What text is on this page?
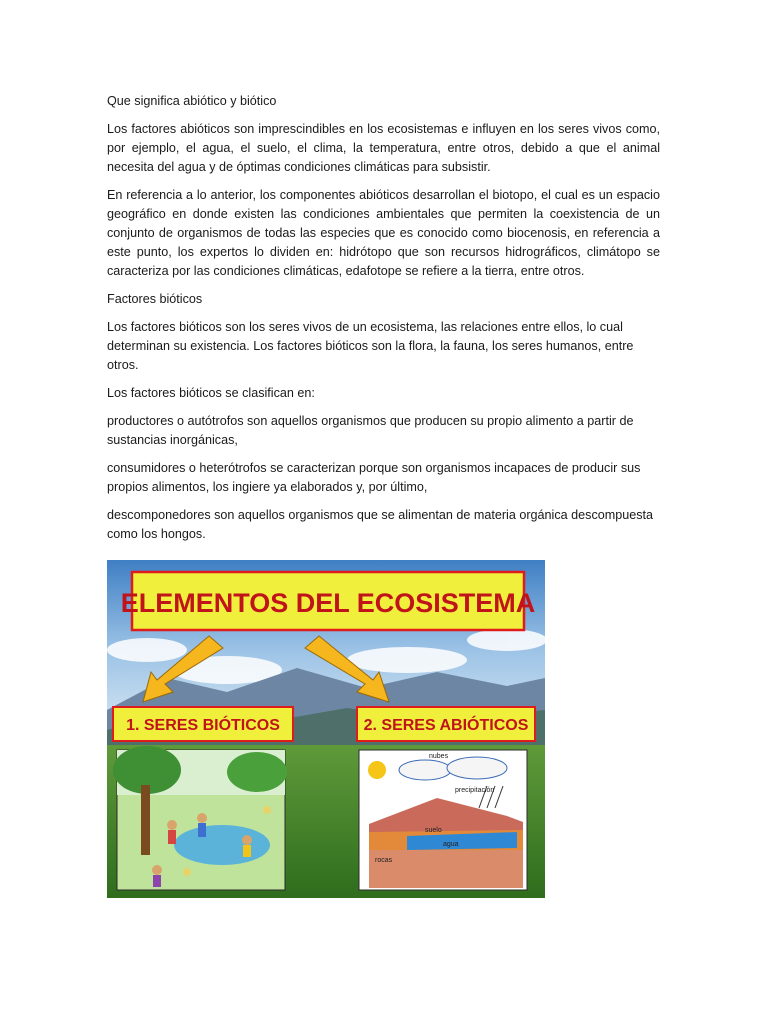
Que significa abiótico y biótico

Los factores abióticos son imprescindibles en los ecosistemas e influyen en los seres vivos como, por ejemplo, el agua, el suelo, el clima, la temperatura, entre otros, debido a que el animal necesita del agua y de óptimas condiciones climáticas para subsistir.

En referencia a lo anterior, los componentes abióticos desarrollan el biotopo, el cual es un espacio geográfico en donde existen las condiciones ambientales que permiten la coexistencia de un conjunto de organismos de todas las especies que es conocido como biocenosis, en referencia a este punto, los expertos lo dividen en: hidrótopo que son recursos hidrográficos, climátopo se caracteriza por las condiciones climáticas, edafotope se refiere a la tierra, entre otros.

Factores bióticos

Los factores bióticos son los seres vivos de un ecosistema, las relaciones entre ellos, lo cual determinan su existencia. Los factores bióticos son la flora, la fauna, los seres humanos, entre otros.

Los factores bióticos se clasifican en:

productores o autótrofos son aquellos organismos que producen su propio alimento a partir de sustancias inorgánicas,

consumidores o heterótrofos se caracterizan porque son organismos incapaces de producir sus propios alimentos, los ingiere ya elaborados y, por último,

descomponedores son aquellos organismos que se alimentan de materia orgánica descompuesta como los hongos.

ELEMENTOS DEL ECOSISTEMA
1. SERES BIÓTICOS	2. SERES ABIÓTICOS
nubes
precipitación
suelo
agua
rocas
